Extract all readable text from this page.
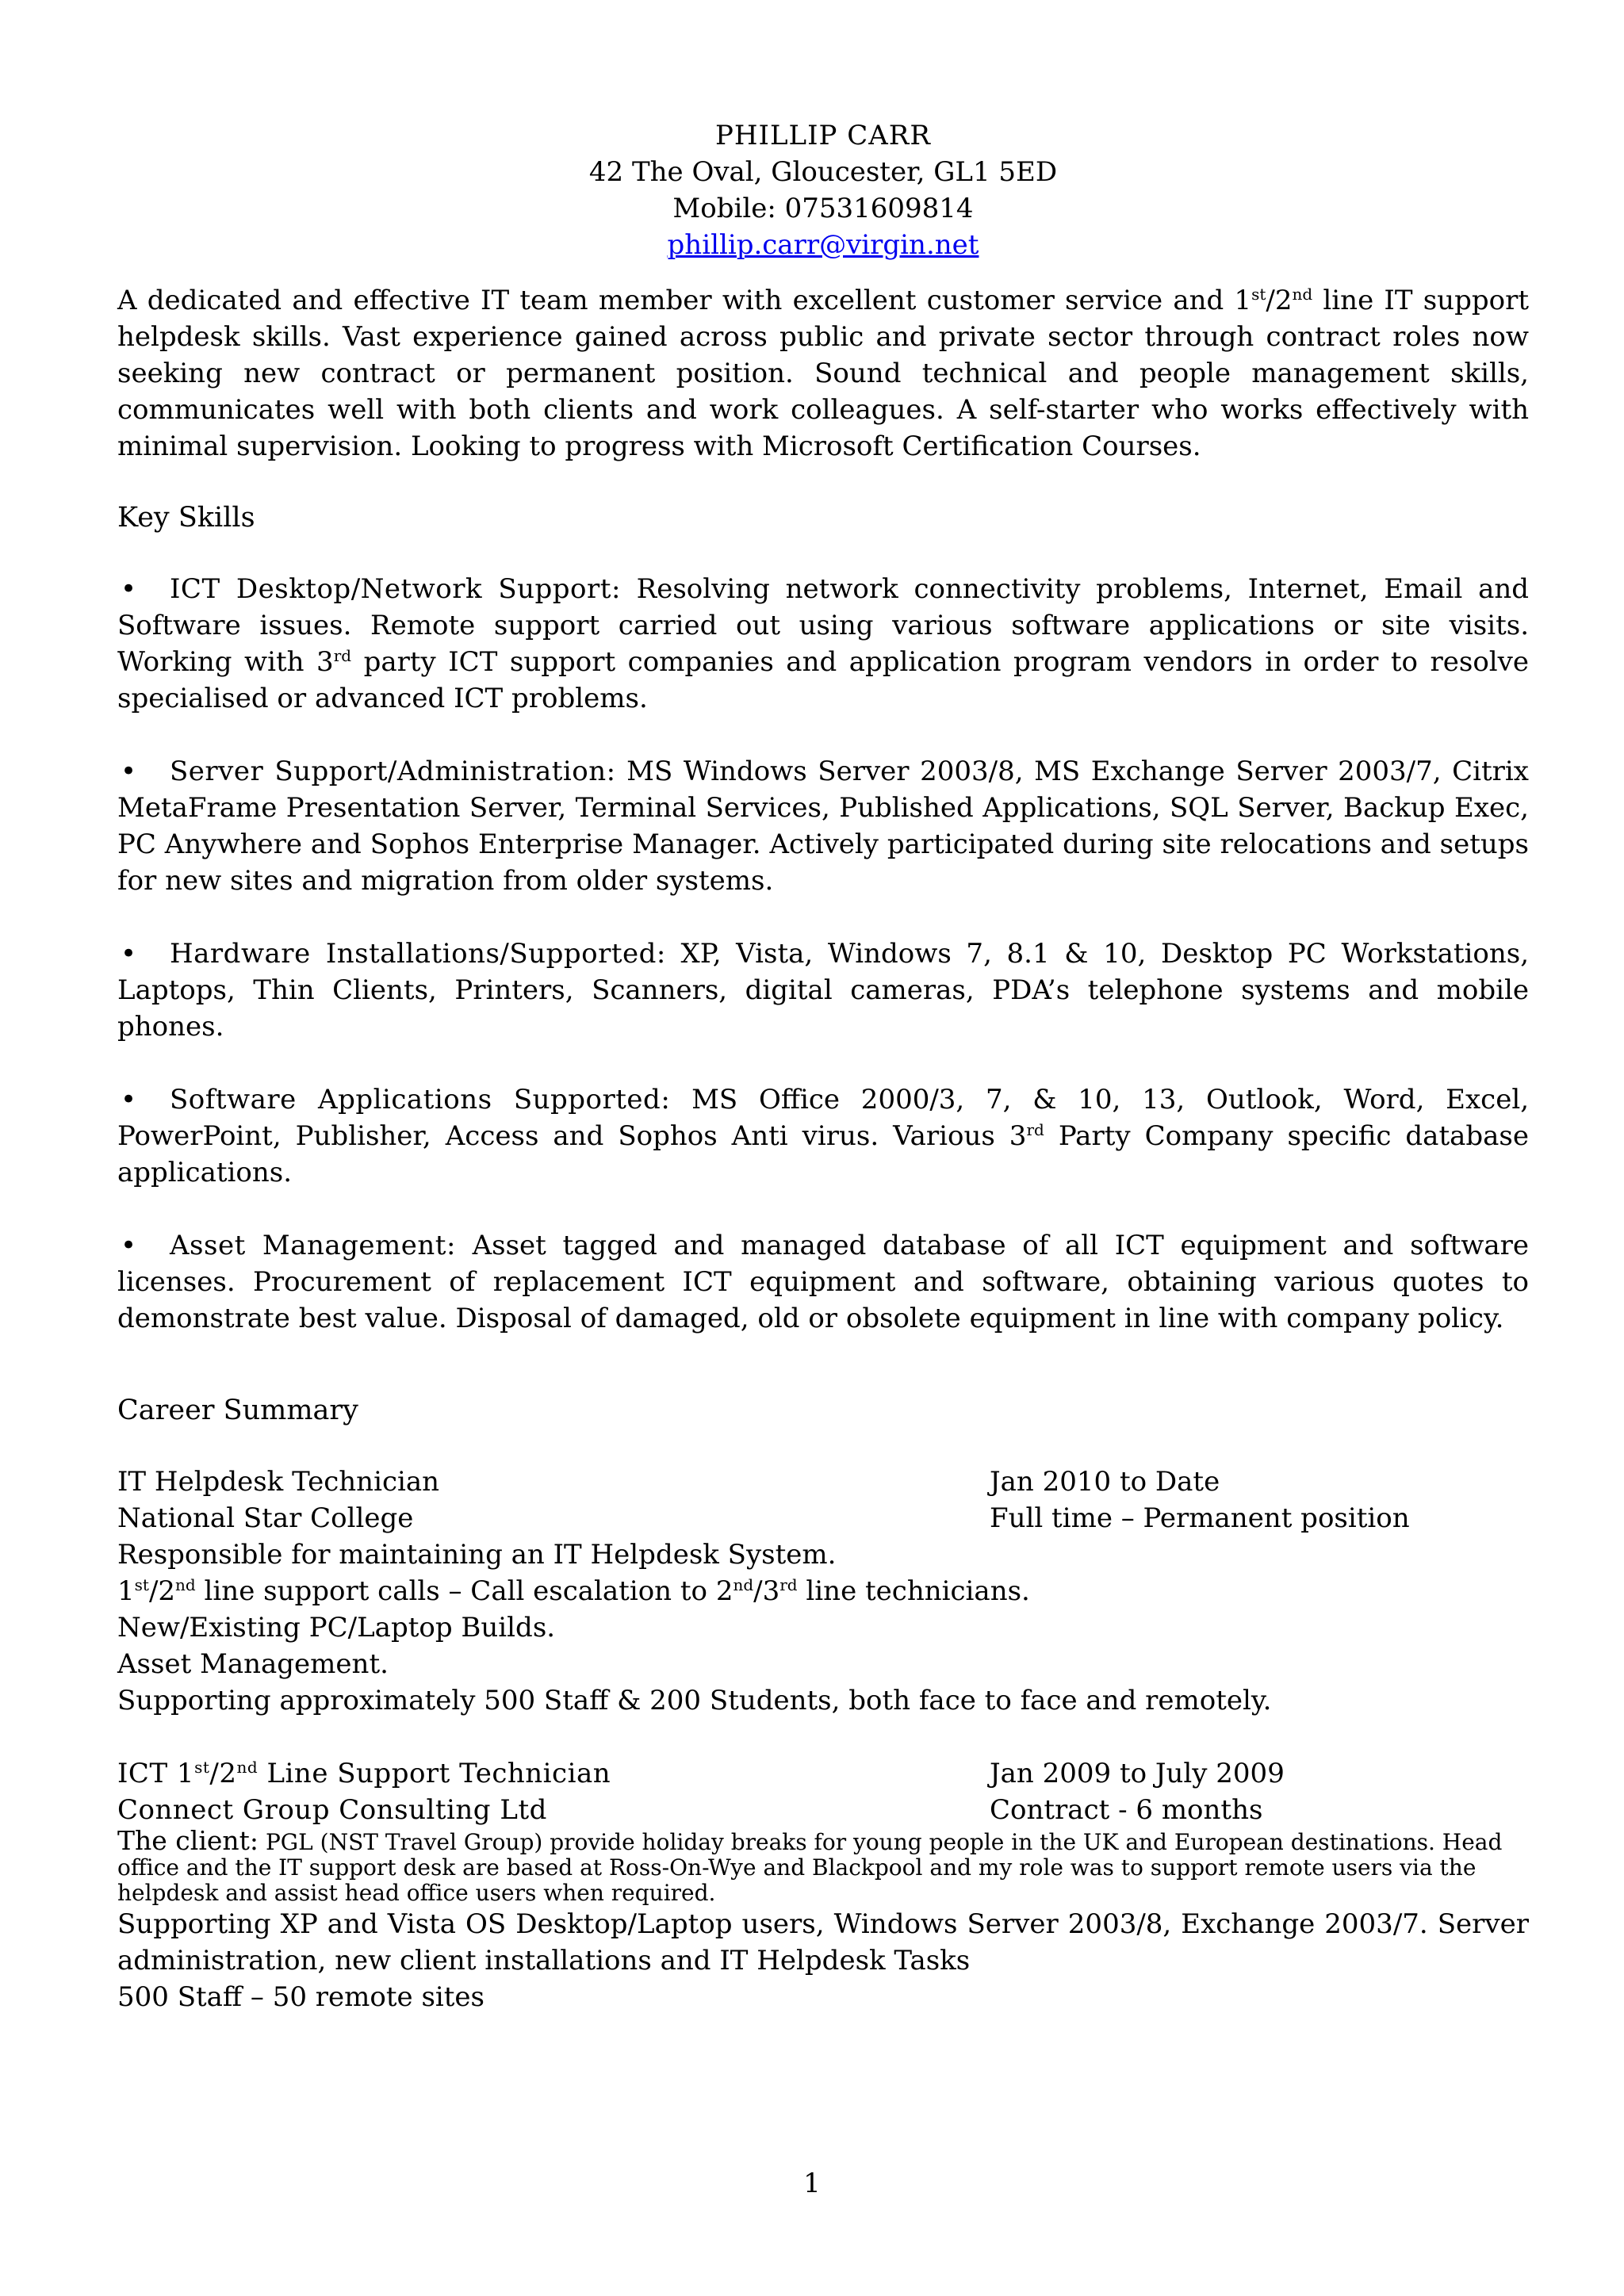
PHILLIP CARR
42 The Oval, Gloucester, GL1 5ED
Mobile: 07531609814
phillip.carr@virgin.net

A dedicated and effective IT team member with excellent customer service and 1st/2nd line IT support helpdesk skills. Vast experience gained across public and private sector through contract roles now seeking new contract or permanent position. Sound technical and people management skills, communicates well with both clients and work colleagues. A self-starter who works effectively with minimal supervision. Looking to progress with Microsoft Certification Courses.

Key Skills

• ICT Desktop/Network Support: Resolving network connectivity problems, Internet, Email and Software issues. Remote support carried out using various software applications or site visits. Working with 3rd party ICT support companies and application program vendors in order to resolve specialised or advanced ICT problems.

• Server Support/Administration: MS Windows Server 2003/8, MS Exchange Server 2003/7, Citrix MetaFrame Presentation Server, Terminal Services, Published Applications, SQL Server, Backup Exec, PC Anywhere and Sophos Enterprise Manager. Actively participated during site relocations and setups for new sites and migration from older systems.

• Hardware Installations/Supported: XP, Vista, Windows 7, 8.1 & 10, Desktop PC Workstations, Laptops, Thin Clients, Printers, Scanners, digital cameras, PDA’s telephone systems and mobile phones.

• Software Applications Supported: MS Office 2000/3, 7, & 10, 13, Outlook, Word, Excel, PowerPoint, Publisher, Access and Sophos Anti virus. Various 3rd Party Company specific database applications.

• Asset Management: Asset tagged and managed database of all ICT equipment and software licenses. Procurement of replacement ICT equipment and software, obtaining various quotes to demonstrate best value. Disposal of damaged, old or obsolete equipment in line with company policy.

Career Summary

IT Helpdesk Technician	Jan 2010 to Date
National Star College	Full time – Permanent position

Responsible for maintaining an IT Helpdesk System.

1st/2nd line support calls – Call escalation to 2nd/3rd line technicians.

New/Existing PC/Laptop Builds.

Asset Management.

Supporting approximately 500 Staff & 200 Students, both face to face and remotely.

ICT 1st/2nd Line Support Technician	Jan 2009 to July 2009
Connect Group Consulting Ltd	Contract - 6 months

The client: PGL (NST Travel Group) provide holiday breaks for young people in the UK and European destinations. Head office and the IT support desk are based at Ross-On-Wye and Blackpool and my role was to support remote users via the helpdesk and assist head office users when required.

Supporting XP and Vista OS Desktop/Laptop users, Windows Server 2003/8, Exchange 2003/7. Server administration, new client installations and IT Helpdesk Tasks

500 Staff – 50 remote sites

1
